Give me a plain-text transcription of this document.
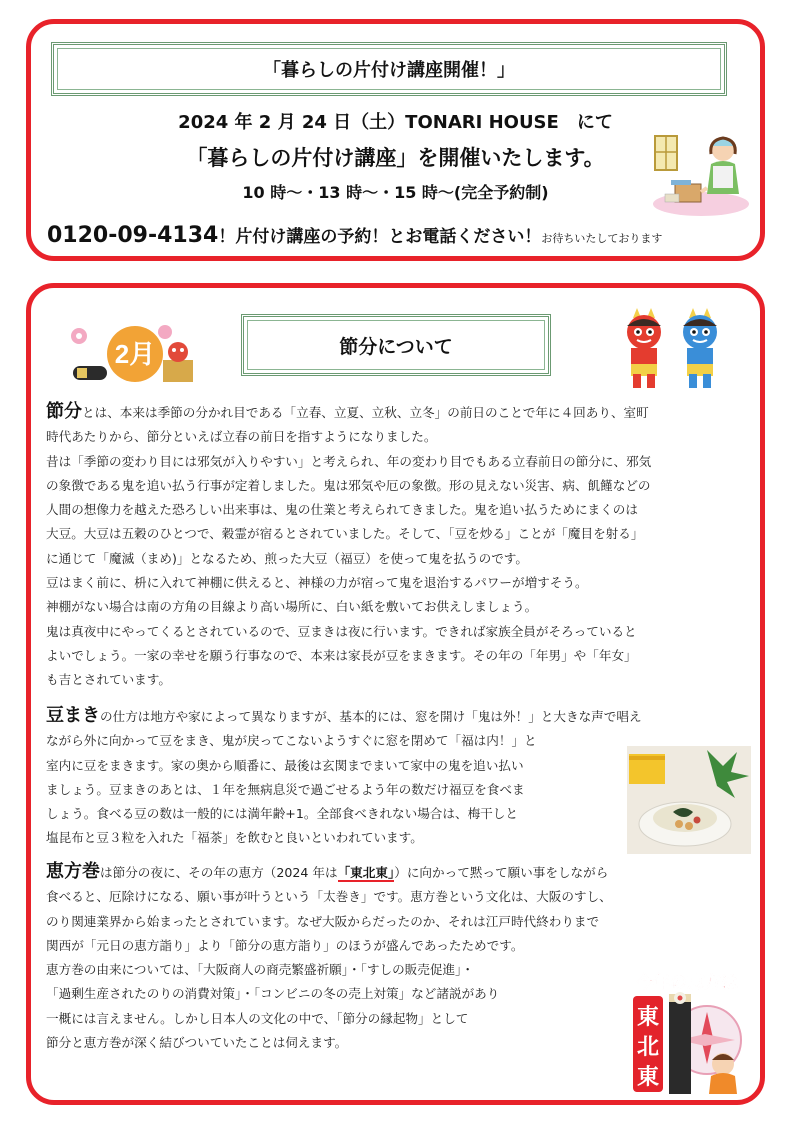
「暮らしの片付け講座開催！」
2024 年 2 月 24 日（土）TONARI HOUSE　にて
「暮らしの片付け講座」を開催いたします。
10 時～・13 時～・15 時～(完全予約制)
0120-09-4134！片付け講座の予約！とお電話ください！お待ちいたしております
2月	節分について
節分とは、本来は季節の分かれ目である「立春、立夏、立秋、立冬」の前日のことで年に４回あり、室町
時代あたりから、節分といえば立春の前日を指すようになりました。
昔は「季節の変わり目には邪気が入りやすい」と考えられ、年の変わり目でもある立春前日の節分に、邪気
の象徴である鬼を追い払う行事が定着しました。鬼は邪気や厄の象徴。形の見えない災害、病、飢饉などの
人間の想像力を越えた恐ろしい出来事は、鬼の仕業と考えられてきました。鬼を追い払うためにまくのは
大豆。大豆は五穀のひとつで、穀霊が宿るとされていました。そして、「豆を炒る」ことが「魔目を射る」
に通じて「魔滅（まめ)」となるため、煎った大豆（福豆）を使って鬼を払うのです。
豆はまく前に、枡に入れて神棚に供えると、神様の力が宿って鬼を退治するパワーが増すそう。
神棚がない場合は南の方角の目線より高い場所に、白い紙を敷いてお供えしましょう。
鬼は真夜中にやってくるとされているので、豆まきは夜に行います。できれば家族全員がそろっていると
よいでしょう。一家の幸せを願う行事なので、本来は家長が豆をまきます。その年の「年男」や「年女」
も吉とされています。
豆まきの仕方は地方や家によって異なりますが、基本的には、窓を開け「鬼は外！」と大きな声で唱え
ながら外に向かって豆をまき、鬼が戻ってこないようすぐに窓を閉めて「福は内！」と
室内に豆をまきます。家の奥から順番に、最後は玄関までまいて家中の鬼を追い払い
ましょう。豆まきのあとは、１年を無病息災で過ごせるよう年の数だけ福豆を食べま
しょう。食べる豆の数は一般的には満年齢+1。全部食べきれない場合は、梅干しと
塩昆布と豆３粒を入れた「福茶」を飲むと良いといわれています。
恵方巻は節分の夜に、その年の恵方（2024 年は「東北東」）に向かって黙って願い事をしながら
食べると、厄除けになる、願い事が叶うという「太巻き」です。恵方巻という文化は、大阪のすし、
のり関連業界から始まったとされています。なぜ大阪からだったのか、それは江戸時代終わりまで
関西が「元日の恵方詣り」より「節分の恵方詣り」のほうが盛んであったためです。
恵方巻の由来については、「大阪商人の商売繁盛祈願」・「すしの販売促進」・
「過剰生産されたのりの消費対策」・「コンビニの冬の売上対策」など諸説があり
一概には言えません。しかし日本人の文化の中で、「節分の縁起物」として
節分と恵方巻が深く結びついていたことは伺えます。
今年の恵方は
東
北
東
